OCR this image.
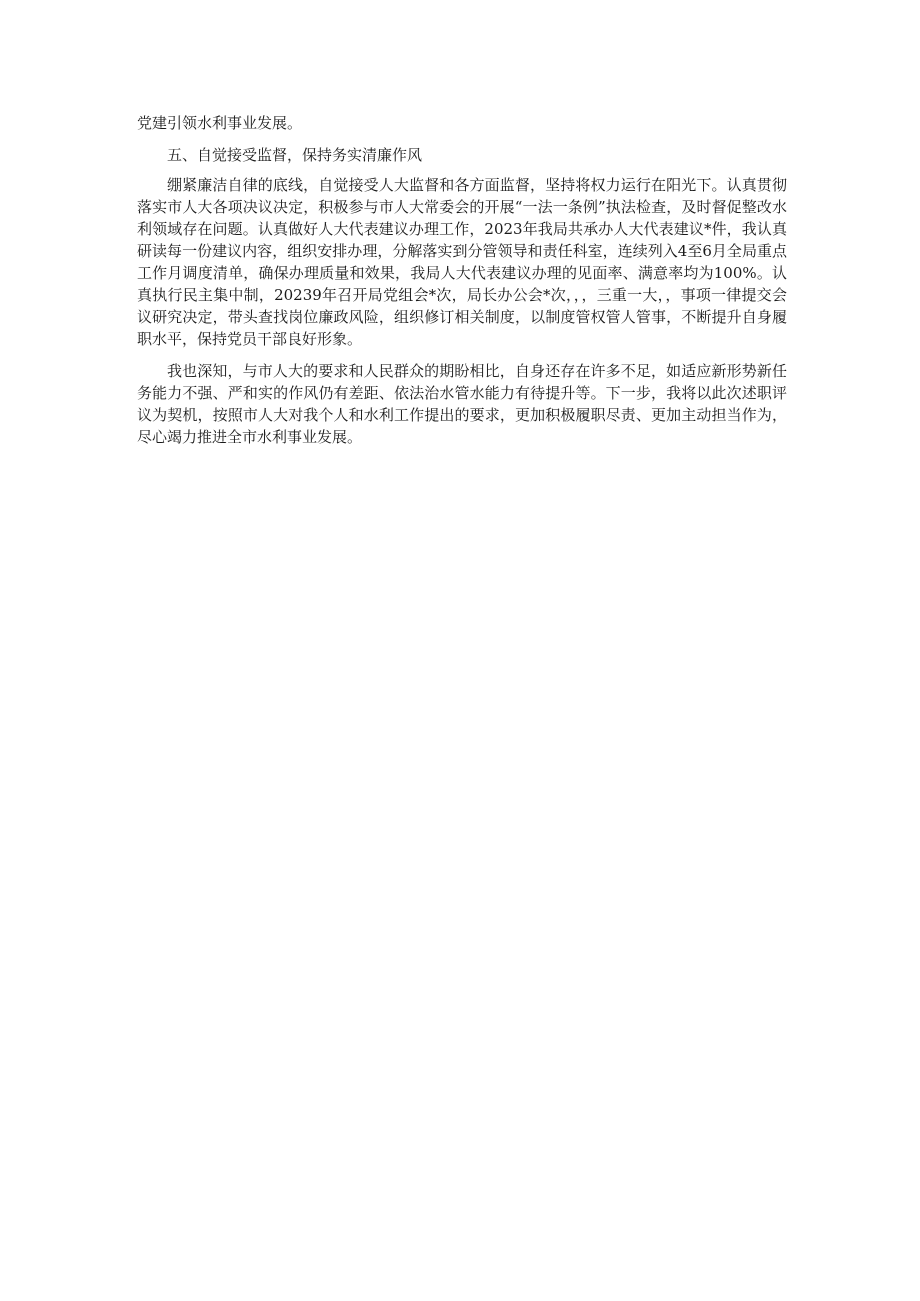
党建引领水利事业发展。

五、自觉接受监督，保持务实清廉作风

绷紧廉洁自律的底线，自觉接受人大监督和各方面监督，坚持将权力运行在阳光下。认真贯彻落实市人大各项决议决定，积极参与市人大常委会的开展“一法一条例”执法检查，及时督促整改水利领域存在问题。认真做好人大代表建议办理工作，2023年我局共承办人大代表建议*件，我认真研读每一份建议内容，组织安排办理，分解落实到分管领导和责任科室，连续列入4至6月全局重点工作月调度清单，确保办理质量和效果，我局人大代表建议办理的见面率、满意率均为100%。认真执行民主集中制，20239年召开局党组会*次，局长办公会*次，，，三重一大，，事项一律提交会议研究决定，带头查找岗位廉政风险，组织修订相关制度，以制度管权管人管事，不断提升自身履职水平，保持党员干部良好形象。

我也深知，与市人大的要求和人民群众的期盼相比，自身还存在许多不足，如适应新形势新任务能力不强、严和实的作风仍有差距、依法治水管水能力有待提升等。下一步，我将以此次述职评议为契机，按照市人大对我个人和水利工作提出的要求，更加积极履职尽责、更加主动担当作为，尽心竭力推进全市水利事业发展。
